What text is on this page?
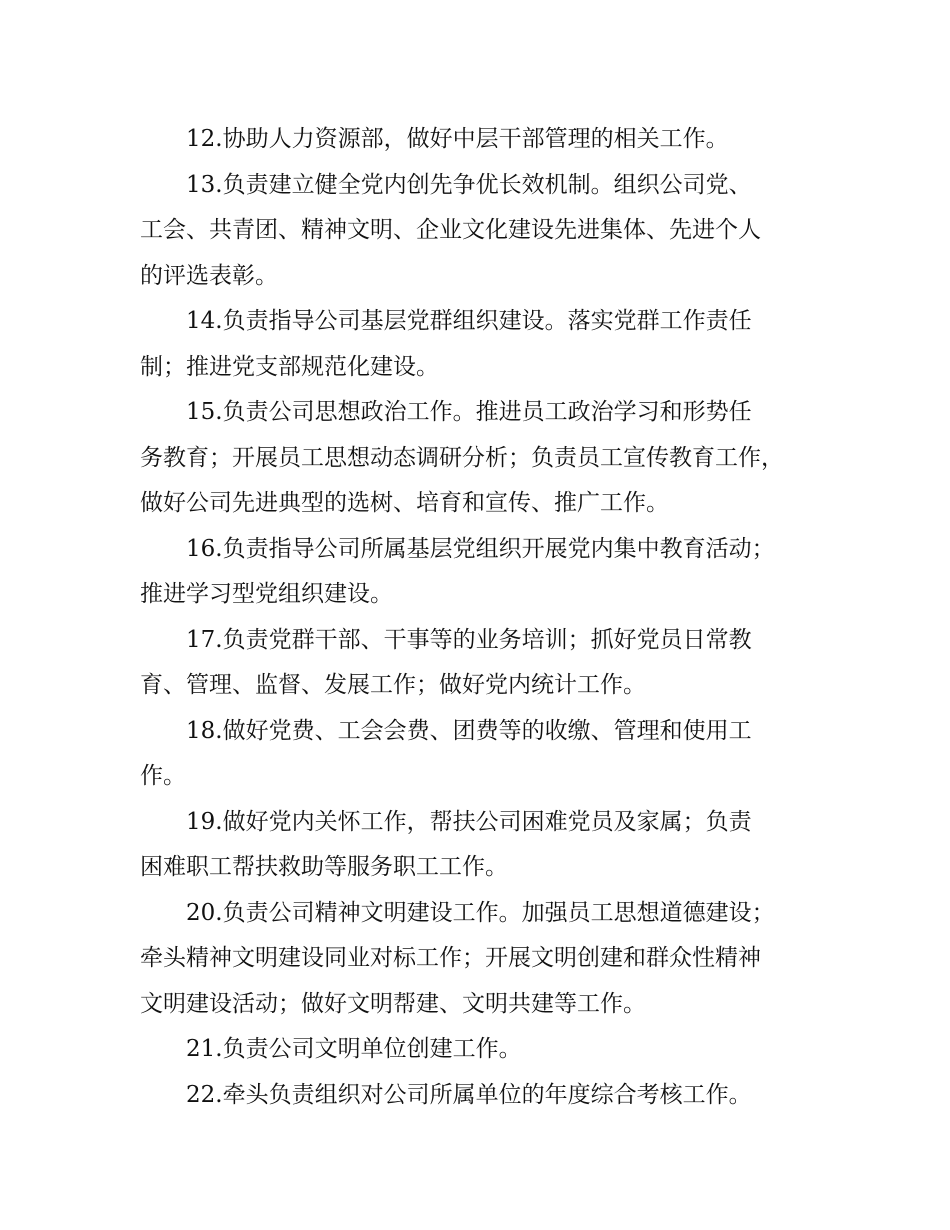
12.协助人力资源部，做好中层干部管理的相关工作。
13.负责建立健全党内创先争优长效机制。组织公司党、
工会、共青团、精神文明、企业文化建设先进集体、先进个人
的评选表彰。
14.负责指导公司基层党群组织建设。落实党群工作责任
制；推进党支部规范化建设。
15.负责公司思想政治工作。推进员工政治学习和形势任
务教育；开展员工思想动态调研分析；负责员工宣传教育工作，
做好公司先进典型的选树、培育和宣传、推广工作。
16.负责指导公司所属基层党组织开展党内集中教育活动；
推进学习型党组织建设。
17.负责党群干部、干事等的业务培训；抓好党员日常教
育、管理、监督、发展工作；做好党内统计工作。
18.做好党费、工会会费、团费等的收缴、管理和使用工
作。
19.做好党内关怀工作，帮扶公司困难党员及家属；负责
困难职工帮扶救助等服务职工工作。
20.负责公司精神文明建设工作。加强员工思想道德建设；
牵头精神文明建设同业对标工作；开展文明创建和群众性精神
文明建设活动；做好文明帮建、文明共建等工作。
21.负责公司文明单位创建工作。
22.牵头负责组织对公司所属单位的年度综合考核工作。
